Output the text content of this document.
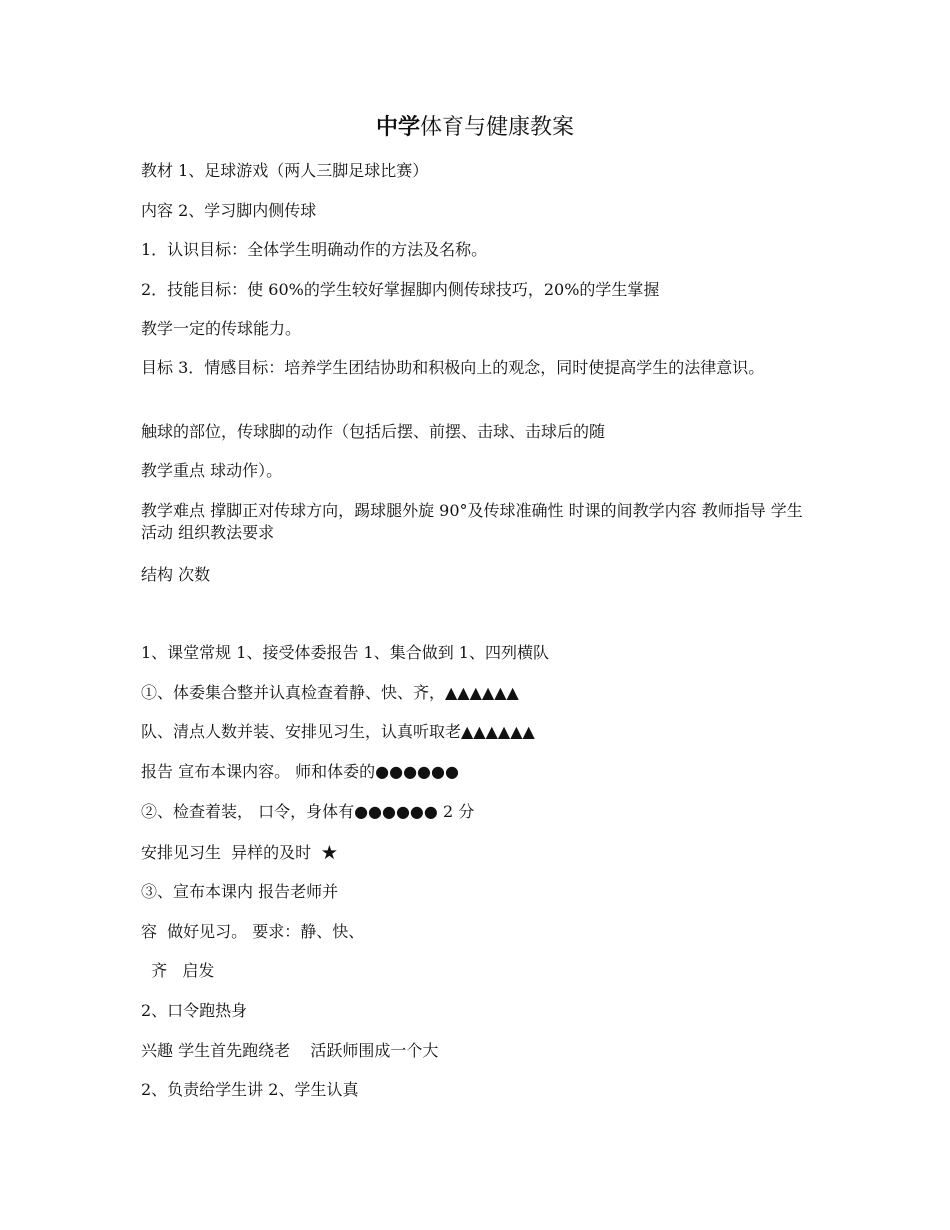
中学体育与健康教案
教材 1、足球游戏（两人三脚足球比赛）
内容 2、学习脚内侧传球
1．认识目标：全体学生明确动作的方法及名称。
2．技能目标：使 60%的学生较好掌握脚内侧传球技巧，20%的学生掌握
教学一定的传球能力。
目标 3．情感目标：培养学生团结协助和积极向上的观念，同时使提高学生的法律意识。
触球的部位，传球脚的动作（包括后摆、前摆、击球、击球后的随
教学重点 球动作）。
教学难点 撑脚正对传球方向，踢球腿外旋 90°及传球准确性 时课的间教学内容 教师指导 学生活动 组织教法要求
结构 次数
1、课堂常规 1、接受体委报告 1、集合做到 1、四列横队
①、体委集合整并认真检查着静、快、齐，▲▲▲▲▲▲
队、清点人数并装、安排见习生，认真听取老▲▲▲▲▲▲
报告 宣布本课内容。 师和体委的●●●●●●
②、检查着装， 口令，身体有●●●●●● 2 分
安排见习生  异样的及时  ★
③、宣布本课内 报告老师并
容  做好见习。 要求：静、快、
齐   启发
2、口令跑热身
兴趣 学生首先跑绕老    活跃师围成一个大
2、负责给学生讲 2、学生认真
